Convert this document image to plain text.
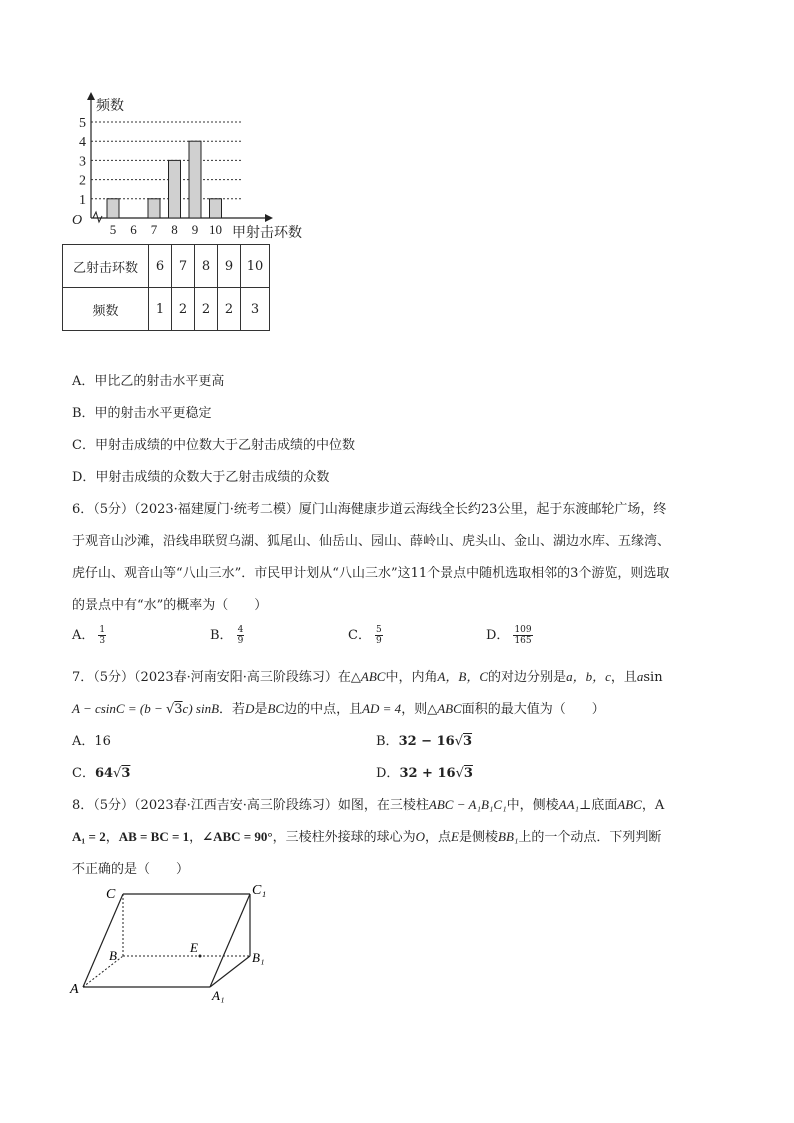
5 6 7 8 9 10
1
2
3
4
5
O
频数
甲射击环数
乙射击环数	6	7	8	9	10
频数	1	2	2	2	3
A．甲比乙的射击水平更高
B．甲的射击水平更稳定
C．甲射击成绩的中位数大于乙射击成绩的中位数
D．甲射击成绩的众数大于乙射击成绩的众数
6．（5分）（2023·福建厦门·统考二模）厦门山海健康步道云海线全长约23公里，起于东渡邮轮广场，终
于观音山沙滩，沿线串联贸乌湖、狐尾山、仙岳山、园山、薛岭山、虎头山、金山、湖边水库、五缘湾、
虎仔山、观音山等“八山三水”．市民甲计划从“八山三水”这11个景点中随机选取相邻的3个游览，则选取
的景点中有“水”的概率为（　　）
A． $\frac{1}{3}$	B． $\frac{4}{9}$	C． $\frac{5}{9}$	D． $\frac{109}{165}$
7．（5分）（2023春·河南安阳·高三阶段练习）在△ABC中，内角A，B，C的对边分别是a，b，c，且asin
A − csinC = (b − √3c) sinB．若D是BC边的中点，且AD = 4，则△ABC面积的最大值为（　　）
A．16	B．32 − 16√3
C．64√3	D．32 + 16√3
8．（5分）（2023春·江西吉安·高三阶段练习）如图，在三棱柱ABC − A₁B₁C₁中，侧棱AA₁⊥底面ABC，A
A₁ = 2，AB = BC = 1，∠ABC = 90°，三棱柱外接球的球心为O，点E是侧棱BB₁上的一个动点．下列判断
不正确的是（　　）
C	C₁
B	B₁
A	A₁
E
